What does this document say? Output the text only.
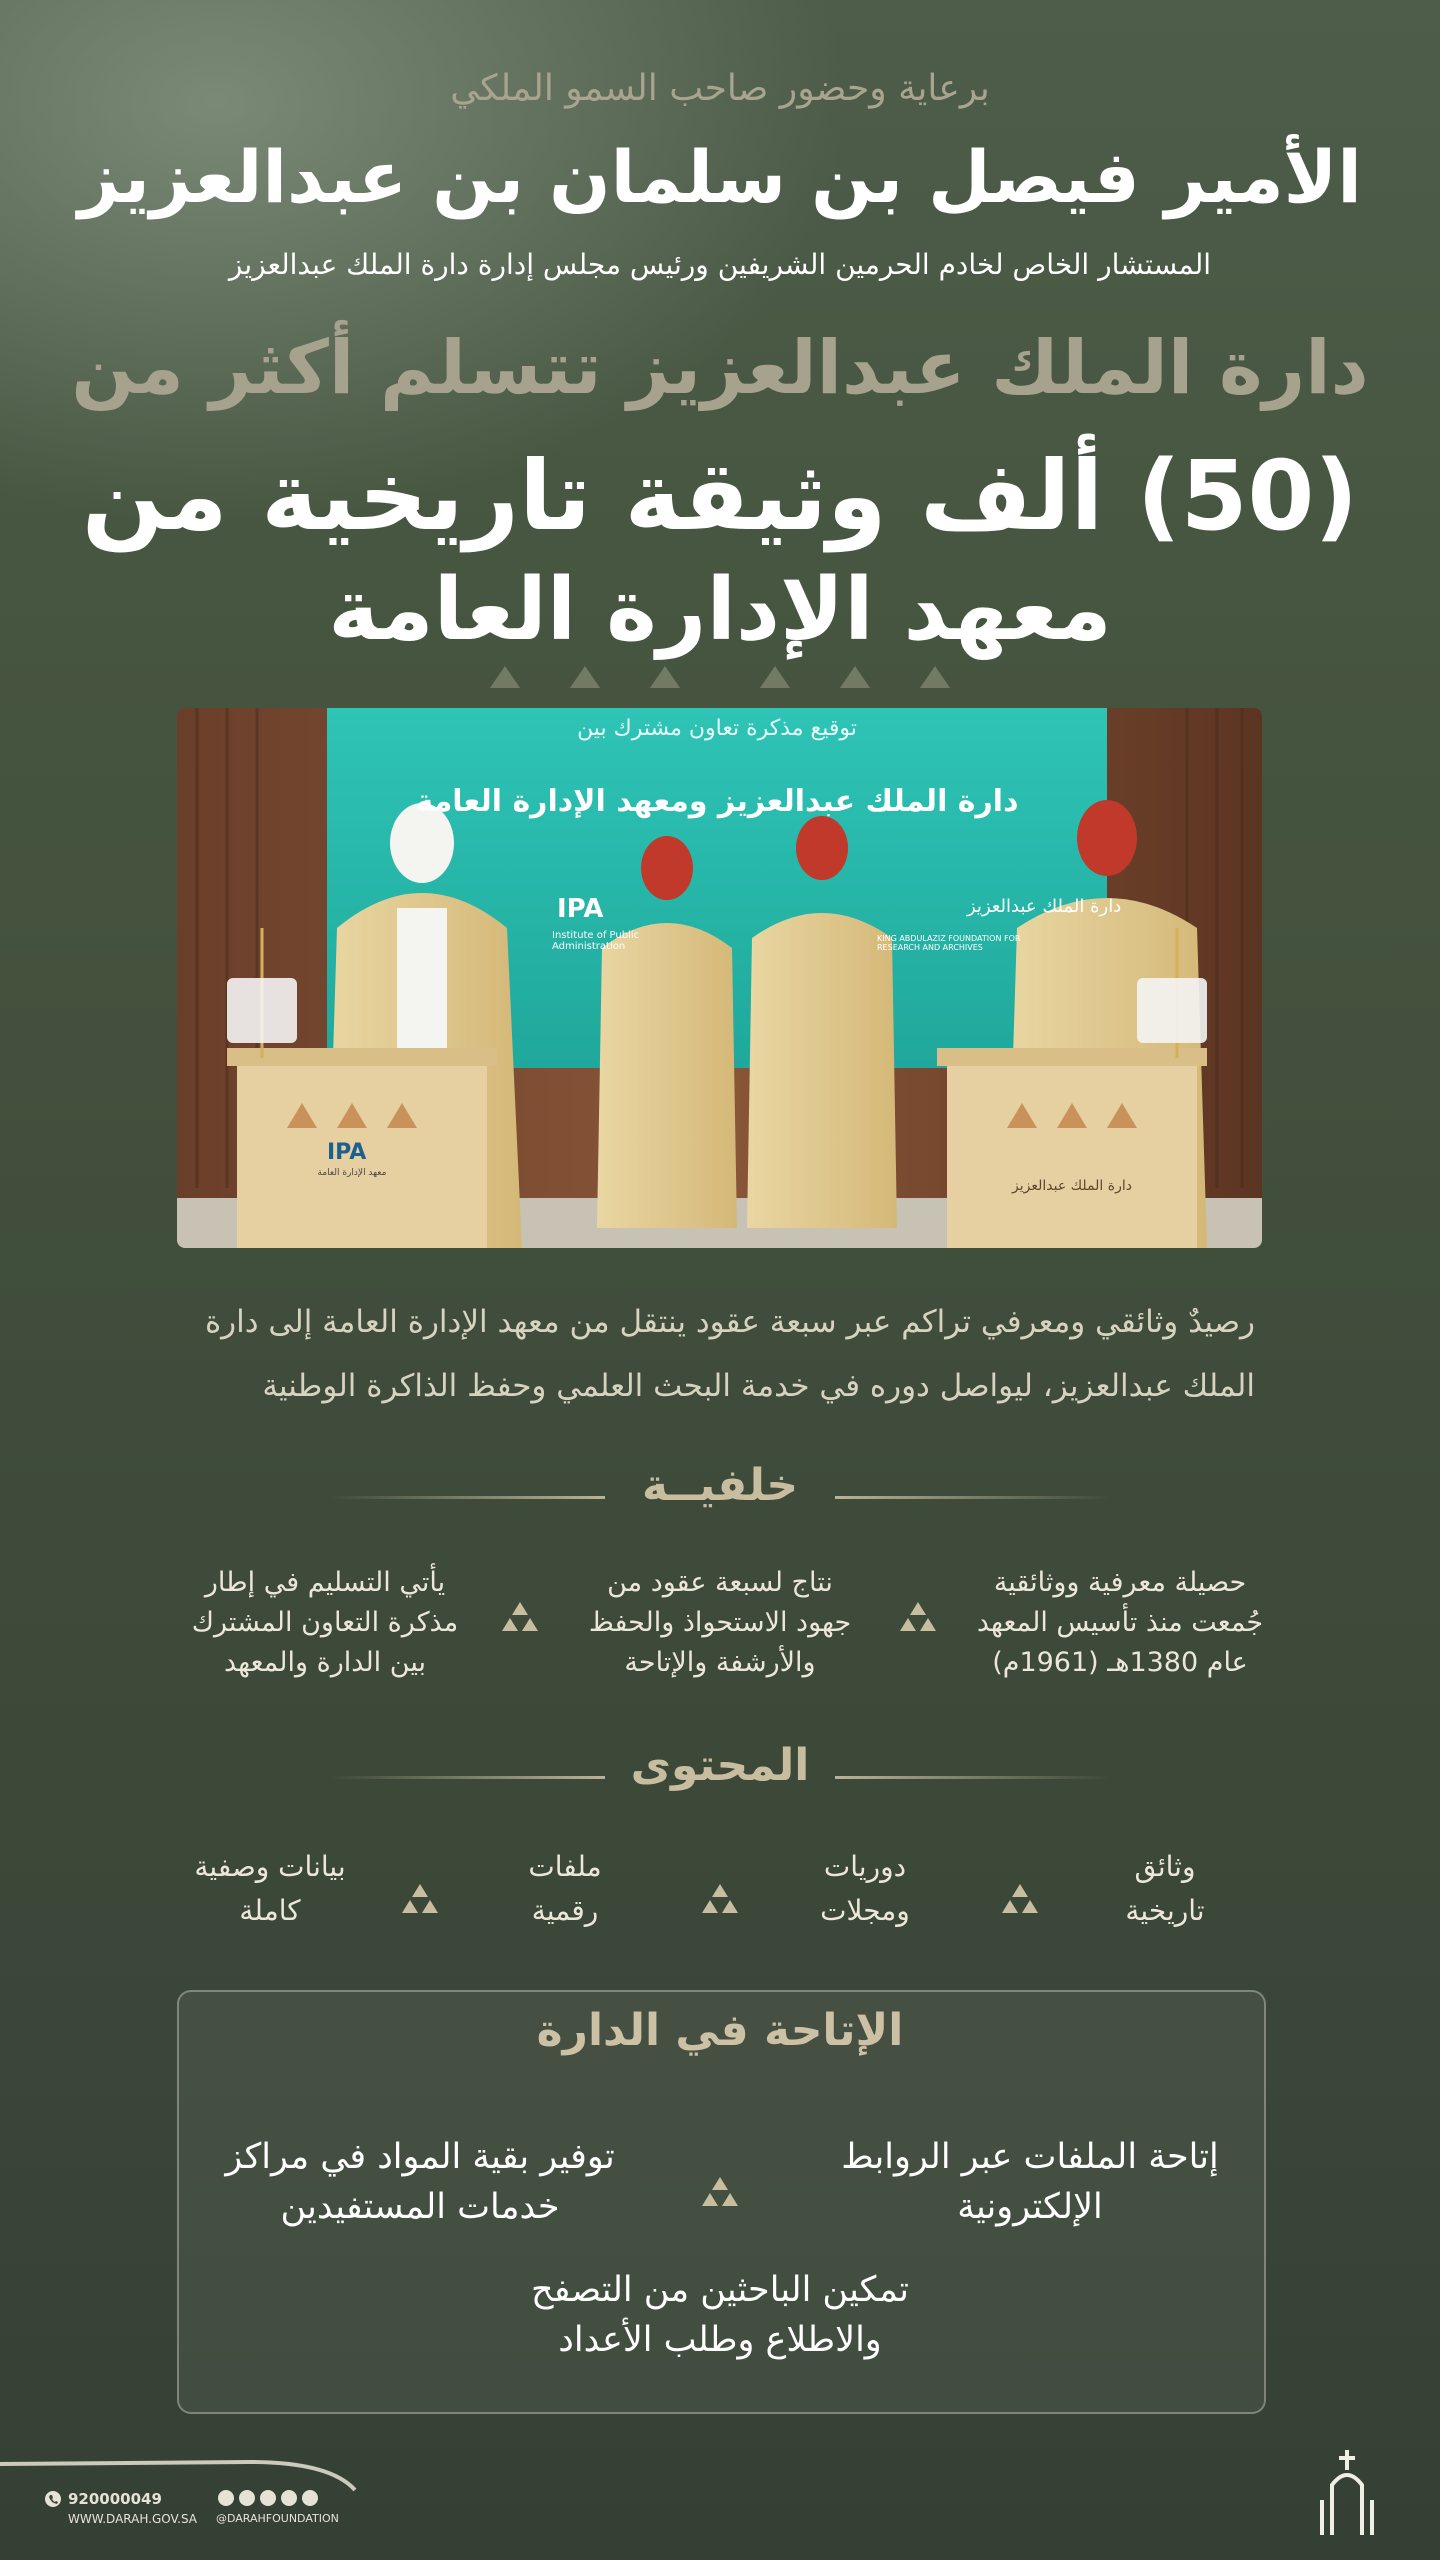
برعاية وحضور صاحب السمو الملكي
الأمير فيصل بن سلمان بن عبدالعزيز
المستشار الخاص لخادم الحرمين الشريفين ورئيس مجلس إدارة دارة الملك عبدالعزيز
دارة الملك عبدالعزيز تتسلم أكثر من
(50) ألف وثيقة تاريخية من
معهد الإدارة العامة
توقيع مذكرة تعاون مشترك بين
دارة الملك عبدالعزيز ومعهد الإدارة العامة
IPA
IPA
معهد الإدارة العامة
Institute of Public Administration
دارة الملك عبدالعزيز
KING ABDULAZIZ FOUNDATION FOR RESEARCH AND ARCHIVES
دارة الملك عبدالعزيز
رصيدٌ وثائقي ومعرفي تراكم عبر سبعة عقود ينتقل من معهد الإدارة العامة إلى دارة
الملك عبدالعزيز، ليواصل دوره في خدمة البحث العلمي وحفظ الذاكرة الوطنية
خلفيــة
حصيلة معرفية ووثائقية
جُمعت منذ تأسيس المعهد
عام 1380هـ (1961م)
نتاج لسبعة عقود من
جهود الاستحواذ والحفظ
والأرشفة والإتاحة
يأتي التسليم في إطار
مذكرة التعاون المشترك
بين الدارة والمعهد
المحتوى
وثائق
تاريخية
دوريات
ومجلات
ملفات
رقمية
بيانات وصفية
كاملة
الإتاحة في الدارة
إتاحة الملفات عبر الروابط
الإلكترونية
توفير بقية المواد في مراكز
خدمات المستفيدين
تمكين الباحثين من التصفح
والاطلاع وطلب الأعداد
920000049
WWW.DARAH.GOV.SA @DARAHFOUNDATION
